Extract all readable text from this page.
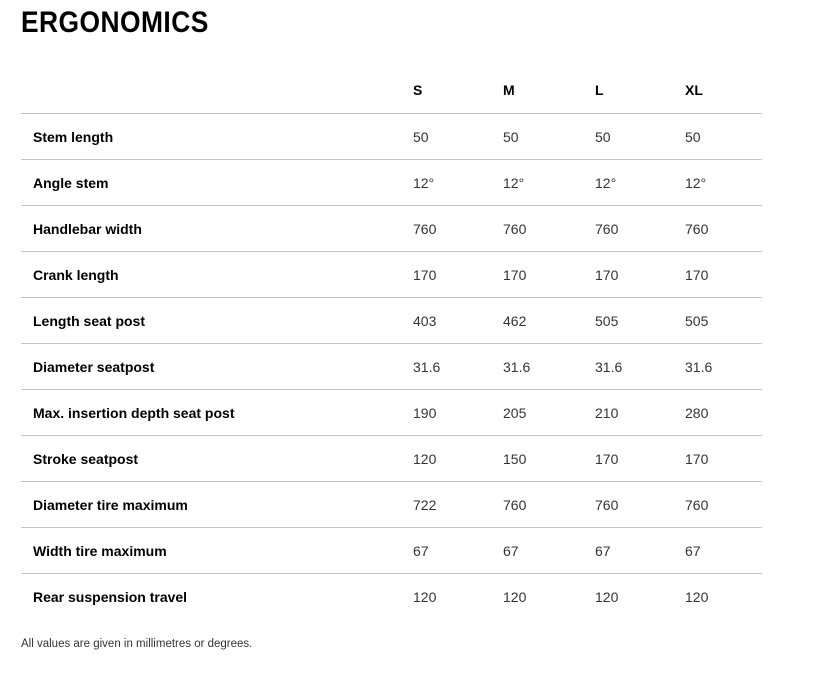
ERGONOMICS
	S	M	L	XL
Stem length	50	50	50	50
Angle stem	12°	12°	12°	12°
Handlebar width	760	760	760	760
Crank length	170	170	170	170
Length seat post	403	462	505	505
Diameter seatpost	31.6	31.6	31.6	31.6
Max. insertion depth seat post	190	205	210	280
Stroke seatpost	120	150	170	170
Diameter tire maximum	722	760	760	760
Width tire maximum	67	67	67	67
Rear suspension travel	120	120	120	120

All values are given in millimetres or degrees.
